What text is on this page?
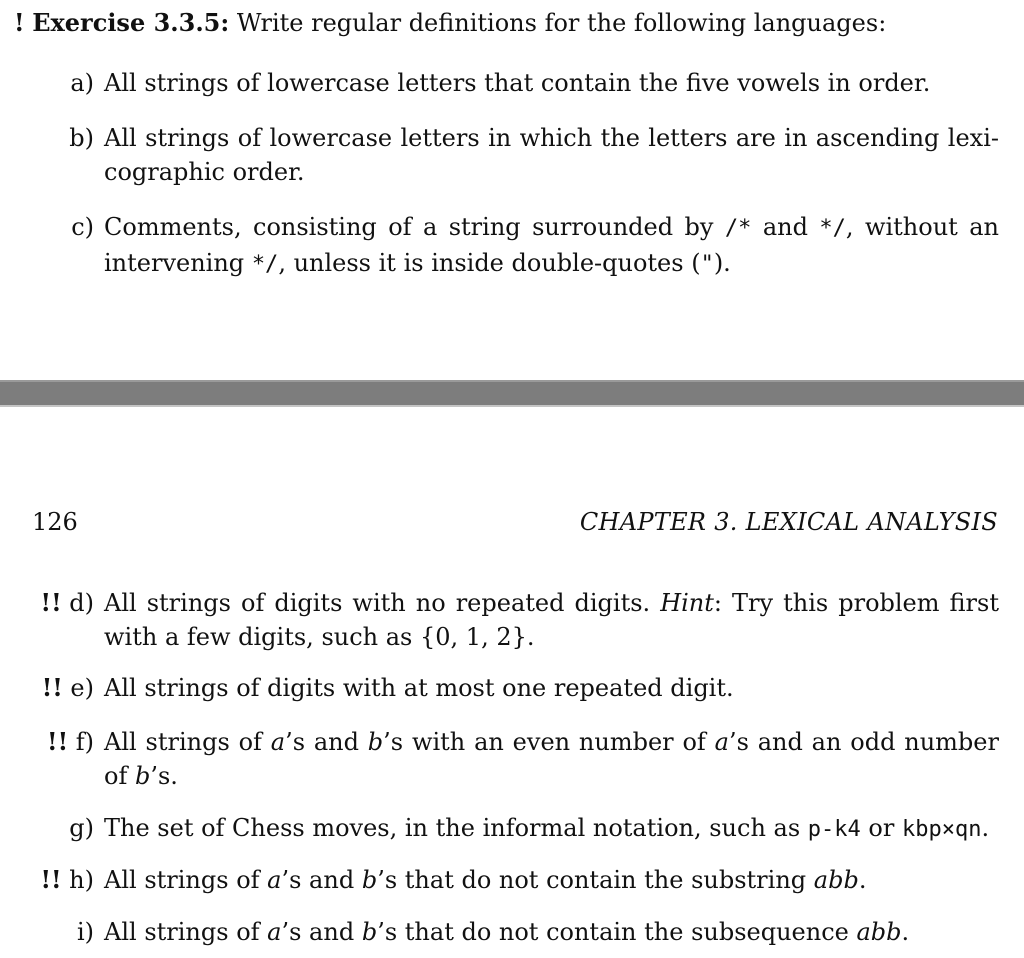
! Exercise 3.3.5: Write regular definitions for the following languages:
a) All strings of lowercase letters that contain the five vowels in order.
b) All strings of lowercase letters in which the letters are in ascending lexi-
cographic order.
c) Comments, consisting of a string surrounded by /* and */, without an
intervening */, unless it is inside double-quotes (").
126	CHAPTER 3. LEXICAL ANALYSIS
!! d) All strings of digits with no repeated digits. Hint: Try this problem first
with a few digits, such as {0, 1, 2}.
!! e) All strings of digits with at most one repeated digit.
!! f) All strings of a’s and b’s with an even number of a’s and an odd number
of b’s.
g) The set of Chess moves, in the informal notation, such as p-k4 or kbp×qn.
!! h) All strings of a’s and b’s that do not contain the substring abb.
i) All strings of a’s and b’s that do not contain the subsequence abb.
